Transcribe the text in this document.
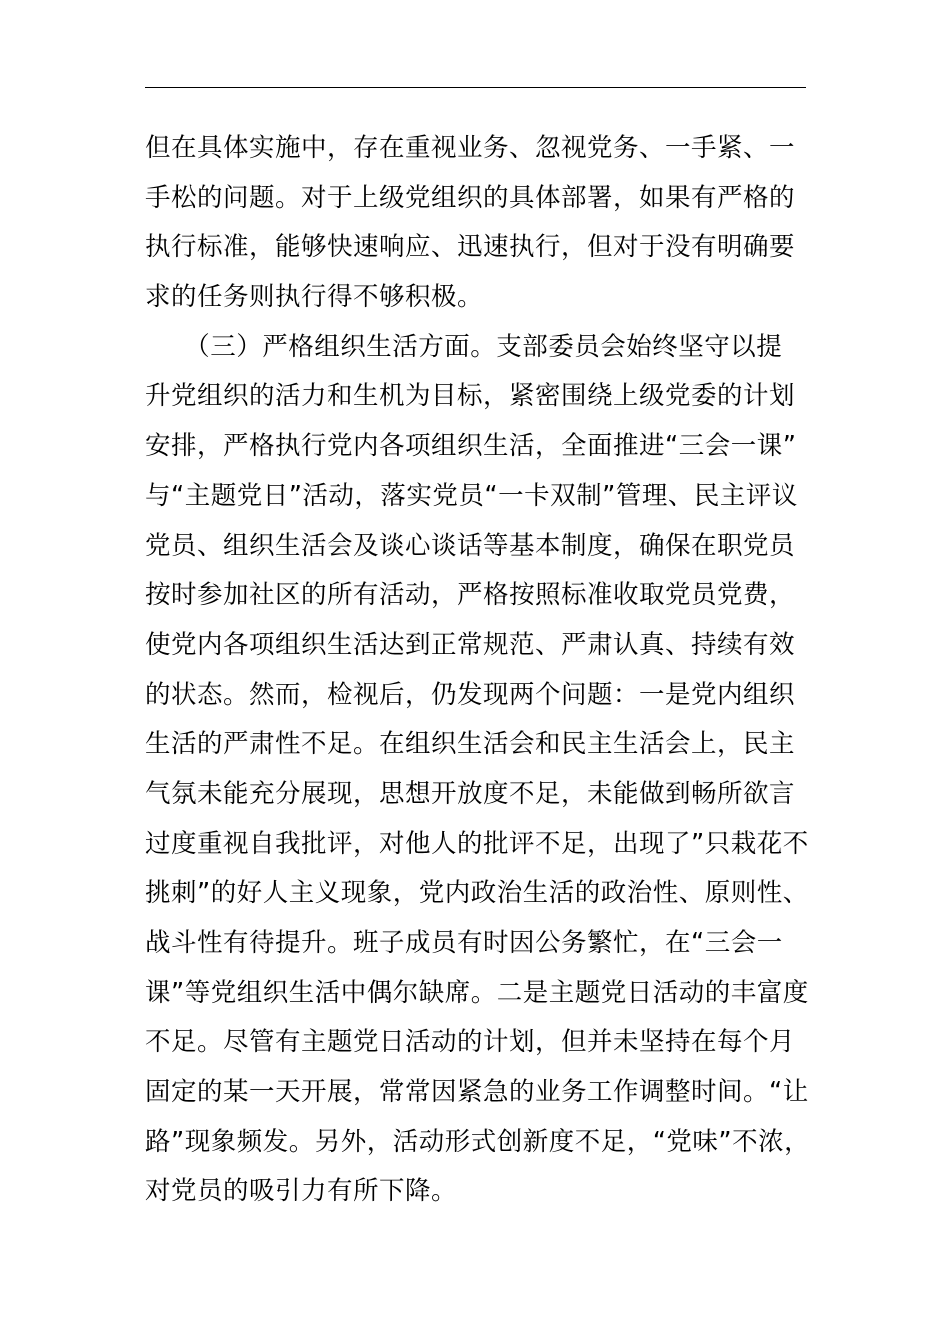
但在具体实施中，存在重视业务、忽视党务、一手紧、一
手松的问题。对于上级党组织的具体部署，如果有严格的
执行标准，能够快速响应、迅速执行，但对于没有明确要
求的任务则执行得不够积极。
　　（三）严格组织生活方面。支部委员会始终坚守以提
升党组织的活力和生机为目标，紧密围绕上级党委的计划
安排，严格执行党内各项组织生活，全面推进“三会一课”
与“主题党日”活动，落实党员“一卡双制”管理、民主评议
党员、组织生活会及谈心谈话等基本制度，确保在职党员
按时参加社区的所有活动，严格按照标准收取党员党费，
使党内各项组织生活达到正常规范、严肃认真、持续有效
的状态。然而，检视后，仍发现两个问题：一是党内组织
生活的严肃性不足。在组织生活会和民主生活会上，民主
气氛未能充分展现，思想开放度不足，未能做到畅所欲言
过度重视自我批评，对他人的批评不足，出现了”只栽花不
挑刺”的好人主义现象，党内政治生活的政治性、原则性、
战斗性有待提升。班子成员有时因公务繁忙，在“三会一
课”等党组织生活中偶尔缺席。二是主题党日活动的丰富度
不足。尽管有主题党日活动的计划，但并未坚持在每个月
固定的某一天开展，常常因紧急的业务工作调整时间。“让
路”现象频发。另外，活动形式创新度不足，“党味”不浓，
对党员的吸引力有所下降。
